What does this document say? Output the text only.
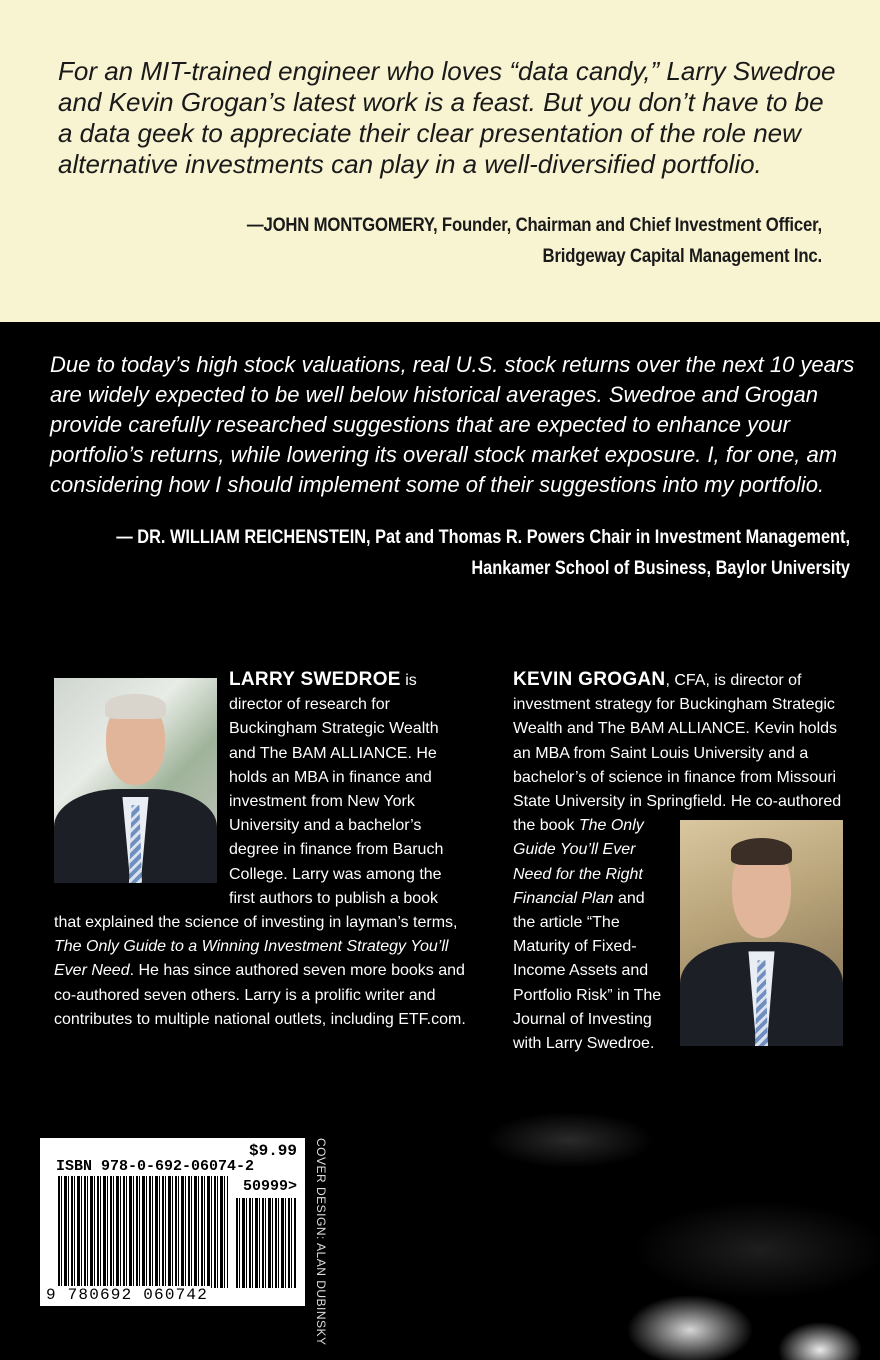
For an MIT-trained engineer who loves “data candy,” Larry Swedroe and Kevin Grogan’s latest work is a feast. But you don’t have to be a data geek to appreciate their clear presentation of the role new alternative investments can play in a well-diversified portfolio.

—JOHN MONTGOMERY, Founder, Chairman and Chief Investment Officer,
Bridgeway Capital Management Inc.

Due to today’s high stock valuations, real U.S. stock returns over the next 10 years are widely expected to be well below historical averages. Swedroe and Grogan provide carefully researched suggestions that are expected to enhance your portfolio’s returns, while lowering its overall stock market exposure. I, for one, am considering how I should implement some of their suggestions into my portfolio.

— DR. WILLIAM REICHENSTEIN, Pat and Thomas R. Powers Chair in Investment Management,
Hankamer School of Business, Baylor University
LARRY SWEDROE is director of research for Buckingham Strategic Wealth and The BAM ALLIANCE. He holds an MBA in finance and investment from New York University and a bachelor’s degree in finance from Baruch College. Larry was among the first authors to publish a book that explained the science of investing in layman’s terms, The Only Guide to a Winning Investment Strategy You’ll Ever Need. He has since authored seven more books and co-authored seven others. Larry is a prolific writer and contributes to multiple national outlets, including ETF.com.
KEVIN GROGAN, CFA, is director of investment strategy for Buckingham Strategic Wealth and The BAM ALLIANCE. Kevin holds an MBA from Saint Louis University and a bachelor’s of science in finance from Missouri State University in Springfield. He co-authored the book
The Only Guide You’ll Ever Need for the Right Financial Plan and the article “The Maturity of Fixed-Income Assets and Portfolio Risk” in The Journal of Investing with Larry Swedroe.
$9.99
ISBN 978-0-692-06074-2
50999>
9 780692 060742	COVER DESIGN: ALAN DUBINSKY
